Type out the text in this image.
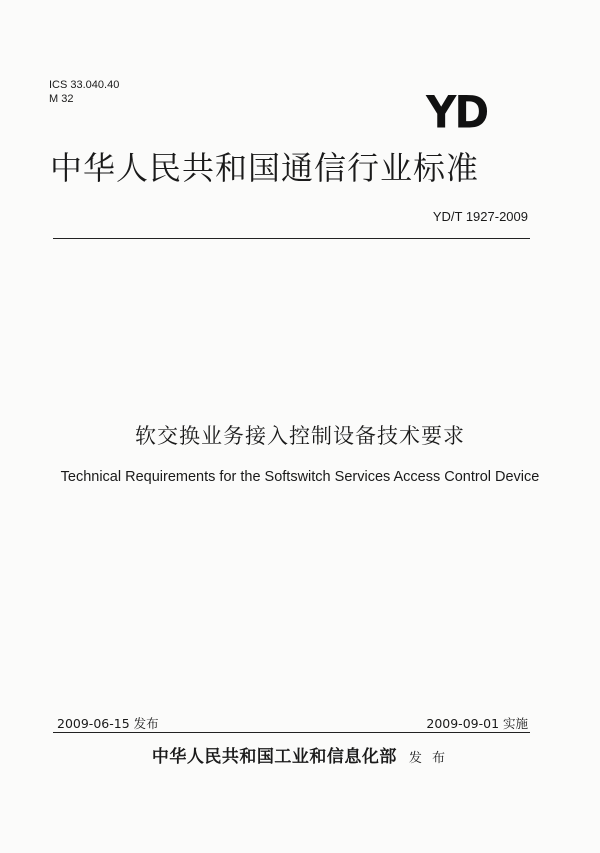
ICS 33.040.40
M 32	YD
中华人民共和国通信行业标准
YD/T 1927-2009
软交换业务接入控制设备技术要求
Technical Requirements for the Softswitch Services Access Control Device
2009-06-15 发布	2009-09-01 实施
中华人民共和国工业和信息化部 发 布
